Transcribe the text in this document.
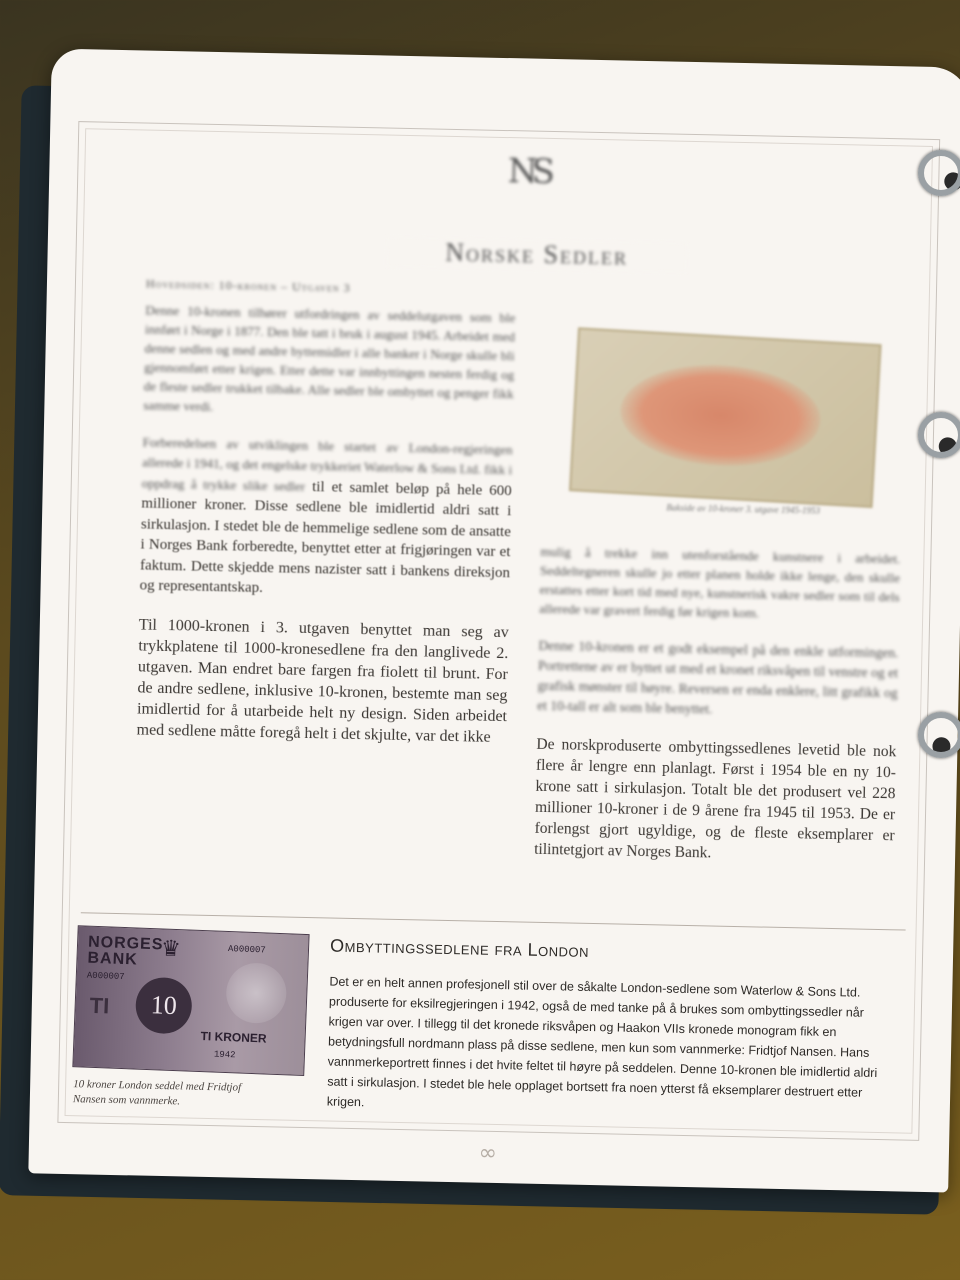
NS
Norske Sedler
Hovedsiden: 10-kronen – Utgaven 3

Denne 10-kronen tilhører utfordringen av seddelutgaven som ble innført i Norge i 1877. Den ble tatt i bruk i august 1945. Arbeidet med denne sedlen og med andre byttemidler i alle banker i Norge skulle bli gjennomført etter krigen. Etter dette var innbyttingen nesten ferdig og de fleste sedler trukket tilbake. Alle sedler ble ombyttet og penger fikk samme verdi.

Forberedelsen av utviklingen ble startet av London-regjeringen allerede i 1941, og det engelske trykkeriet Waterlow & Sons Ltd. fikk i oppdrag å trykke slike sedler til et samlet beløp på hele 600 millioner kroner. Disse sedlene ble imidlertid aldri satt i sirkulasjon. I stedet ble de hemmelige sedlene som de ansatte i Norges Bank forberedte, benyttet etter at frigjøringen var et faktum. Dette skjedde mens nazister satt i bankens direksjon og representantskap.

Til 1000-kronen i 3. utgaven benyttet man seg av trykkplatene til 1000-kronesedlene fra den langlivede 2. utgaven. Man endret bare fargen fra fiolett til brunt. For de andre sedlene, inklusive 10-kronen, bestemte man seg imidlertid for å utarbeide helt ny design. Siden arbeidet med sedlene måtte foregå helt i det skjulte, var det ikke

Bakside av 10-kroner 3. utgave 1945-1953

mulig å trekke inn utenforstående kunstnere i arbeidet. Seddeltegneren skulle jo etter planen holde ikke lenge, den skulle erstattes etter kort tid med nye, kunstnerisk vakre sedler som til dels allerede var gravert ferdig før krigen kom.

Denne 10-kronen er et godt eksempel på den enkle utformingen. Portrettene av er byttet ut med et kronet riksvåpen til venstre og et grafisk mønster til høyre. Reversen er enda enklere, litt grafikk og et 10-tall er alt som ble benyttet.

De norskproduserte ombyttingssedlenes levetid ble nok flere år lengre enn planlagt. Først i 1954 ble en ny 10-krone satt i sirkulasjon. Totalt ble det produsert vel 228 millioner 10-kroner i de 9 årene fra 1945 til 1953. De er forlengst gjort ugyldige, og de fleste eksemplarer er tilintetgjort av Norges Bank.

NORGES
BANK	♛	A000007
A000007
TI	10
TI KRONER
1942
10 kroner London seddel med Fridtjof Nansen som vannmerke.
Ombyttingssedlene fra London
Det er en helt annen profesjonell stil over de såkalte London-sedlene som Waterlow & Sons Ltd. produserte for eksilregjeringen i 1942, også de med tanke på å brukes som ombyttingssedler når krigen var over. I tillegg til det kronede riksvåpen og Haakon VIIs kronede monogram fikk en betydningsfull nordmann plass på disse sedlene, men kun som vannmerke: Fridtjof Nansen. Hans vannmerkeportrett finnes i det hvite feltet til høyre på seddelen. Denne 10-kronen ble imidlertid aldri satt i sirkulasjon. I stedet ble hele opplaget bortsett fra noen ytterst få eksemplarer destruert etter krigen.
∞
